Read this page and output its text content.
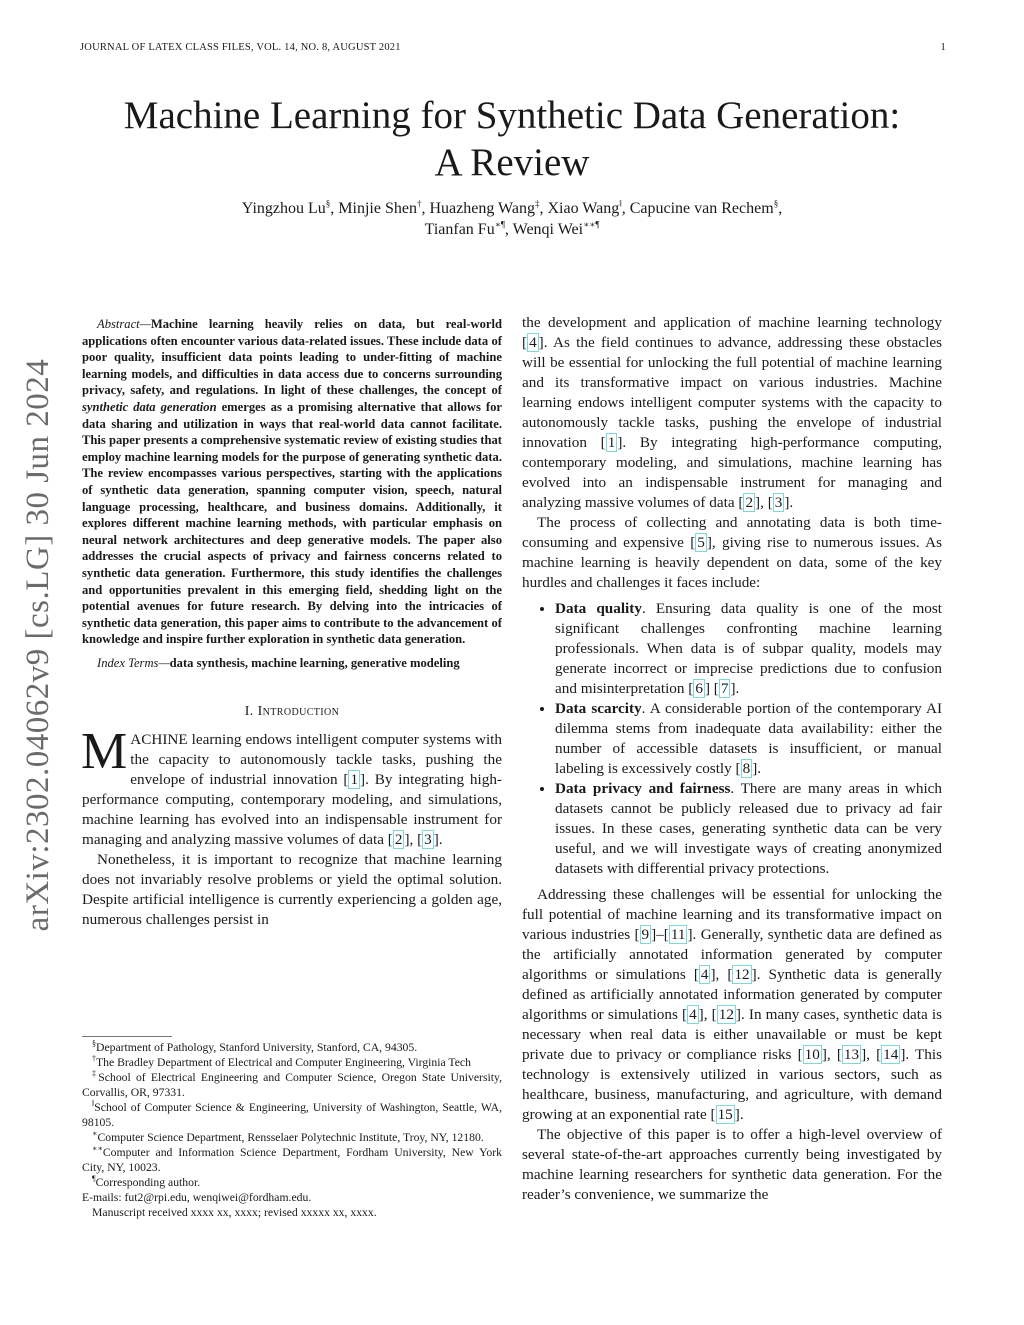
JOURNAL OF LATEX CLASS FILES, VOL. 14, NO. 8, AUGUST 2021	1
arXiv:2302.04062v9 [cs.LG] 30 Jun 2024
Machine Learning for Synthetic Data Generation:
A Review
Yingzhou Lu§, Minjie Shen†, Huazheng Wang‡, Xiao Wang‖, Capucine van Rechem§,
Tianfan Fu∗¶, Wenqi Wei∗∗¶

Abstract—Machine learning heavily relies on data, but real-world applications often encounter various data-related issues. These include data of poor quality, insufficient data points leading to under-fitting of machine learning models, and difficulties in data access due to concerns surrounding privacy, safety, and regulations. In light of these challenges, the concept of synthetic data generation emerges as a promising alternative that allows for data sharing and utilization in ways that real-world data cannot facilitate. This paper presents a comprehensive systematic review of existing studies that employ machine learning models for the purpose of generating synthetic data. The review encompasses various perspectives, starting with the applications of synthetic data generation, spanning computer vision, speech, natural language processing, healthcare, and business domains. Additionally, it explores different machine learning methods, with particular emphasis on neural network architectures and deep generative models. The paper also addresses the crucial aspects of privacy and fairness concerns related to synthetic data generation. Furthermore, this study identifies the challenges and opportunities prevalent in this emerging field, shedding light on the potential avenues for future research. By delving into the intricacies of synthetic data generation, this paper aims to contribute to the advancement of knowledge and inspire further exploration in synthetic data generation.

Index Terms—data synthesis, machine learning, generative modeling

I. Introduction

MACHINE learning endows intelligent computer systems with the capacity to autonomously tackle tasks, pushing the envelope of industrial innovation [ 1 ]. By integrating high-performance computing, contemporary modeling, and simulations, machine learning has evolved into an indispensable instrument for managing and analyzing massive volumes of data [ 2 ], [ 3 ].

Nonetheless, it is important to recognize that machine learning does not invariably resolve problems or yield the optimal solution. Despite artificial intelligence is currently experiencing a golden age, numerous challenges persist in

§Department of Pathology, Stanford University, Stanford, CA, 94305.

†The Bradley Department of Electrical and Computer Engineering, Virginia Tech

‡School of Electrical Engineering and Computer Science, Oregon State University, Corvallis, OR, 97331.

‖School of Computer Science & Engineering, University of Washington, Seattle, WA, 98105.

∗Computer Science Department, Rensselaer Polytechnic Institute, Troy, NY, 12180.

∗∗Computer and Information Science Department, Fordham University, New York City, NY, 10023.

¶Corresponding author.

E-mails: fut2@rpi.edu, wenqiwei@fordham.edu.

Manuscript received xxxx xx, xxxx; revised xxxxx xx, xxxx.

the development and application of machine learning technology [ 4 ]. As the field continues to advance, addressing these obstacles will be essential for unlocking the full potential of machine learning and its transformative impact on various industries. Machine learning endows intelligent computer systems with the capacity to autonomously tackle tasks, pushing the envelope of industrial innovation [ 1 ]. By integrating high-performance computing, contemporary modeling, and simulations, machine learning has evolved into an indispensable instrument for managing and analyzing massive volumes of data [ 2 ], [ 3 ].

The process of collecting and annotating data is both time-consuming and expensive [ 5 ], giving rise to numerous issues. As machine learning is heavily dependent on data, some of the key hurdles and challenges it faces include:

• Data quality. Ensuring data quality is one of the most significant challenges confronting machine learning professionals. When data is of subpar quality, models may generate incorrect or imprecise predictions due to confusion and misinterpretation [ 6 ] [ 7 ].
• Data scarcity. A considerable portion of the contemporary AI dilemma stems from inadequate data availability: either the number of accessible datasets is insufficient, or manual labeling is excessively costly [ 8 ].
• Data privacy and fairness. There are many areas in which datasets cannot be publicly released due to privacy ad fair issues. In these cases, generating synthetic data can be very useful, and we will investigate ways of creating anonymized datasets with differential privacy protections.

Addressing these challenges will be essential for unlocking the full potential of machine learning and its transformative impact on various industries [ 9 ]–[ 11 ]. Generally, synthetic data are defined as the artificially annotated information generated by computer algorithms or simulations [ 4 ], [ 12 ]. Synthetic data is generally defined as artificially annotated information generated by computer algorithms or simulations [ 4 ], [ 12 ]. In many cases, synthetic data is necessary when real data is either unavailable or must be kept private due to privacy or compliance risks [ 10 ], [ 13 ], [ 14 ]. This technology is extensively utilized in various sectors, such as healthcare, business, manufacturing, and agriculture, with demand growing at an exponential rate [ 15 ].

The objective of this paper is to offer a high-level overview of several state-of-the-art approaches currently being investigated by machine learning researchers for synthetic data generation. For the reader’s convenience, we summarize the
